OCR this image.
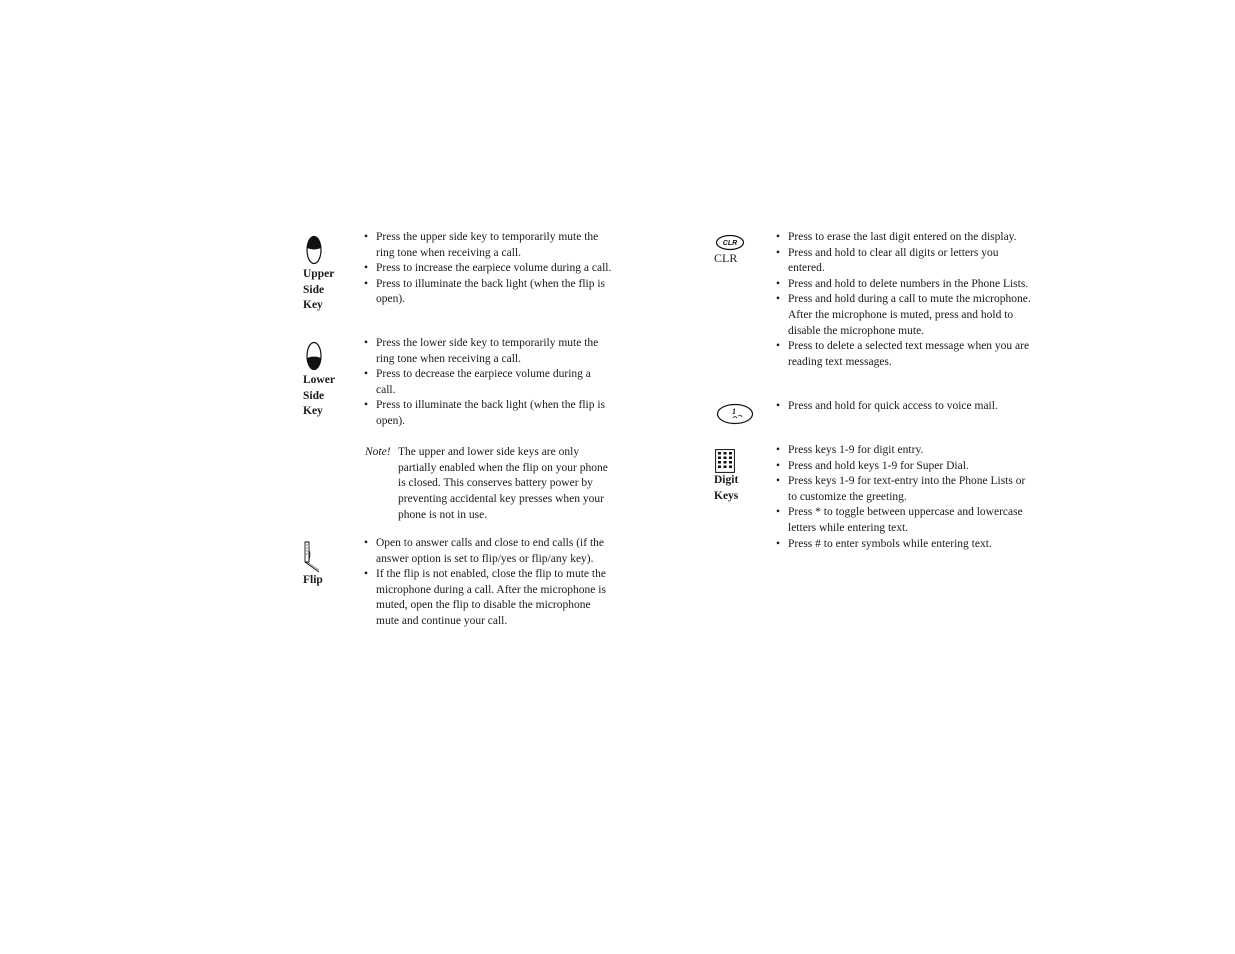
Upper
Side
Key
• Press the upper side key to temporarily mute the ring tone when receiving a call.
• Press to increase the earpiece volume during a call.
• Press to illuminate the back light (when the flip is open).
Lower
Side
Key
• Press the lower side key to temporarily mute the ring tone when receiving a call.
• Press to decrease the earpiece volume during a call.
• Press to illuminate the back light (when the flip is open).
Note! The upper and lower side keys are only partially enabled when the flip on your phone is closed. This conserves battery power by preventing accidental key presses when your phone is not in use.
Flip
• Open to answer calls and close to end calls (if the answer option is set to flip/yes or flip/any key).
• If the flip is not enabled, close the flip to mute the microphone during a call. After the microphone is muted, open the flip to disable the microphone mute and continue your call.
CLR
CLR
• Press to erase the last digit entered on the display.
• Press and hold to clear all digits or letters you entered.
• Press and hold to delete numbers in the Phone Lists.
• Press and hold during a call to mute the microphone. After the microphone is muted, press and hold to disable the microphone mute.
• Press to delete a selected text message when you are reading text messages.
1
•	Press and hold for quick access to voice mail.
Digit
Keys
• Press keys 1-9 for digit entry.
• Press and hold keys 1-9 for Super Dial.
• Press keys 1-9 for text-entry into the Phone Lists or to customize the greeting.
• Press * to toggle between uppercase and lowercase letters while entering text.
• Press # to enter symbols while entering text.
